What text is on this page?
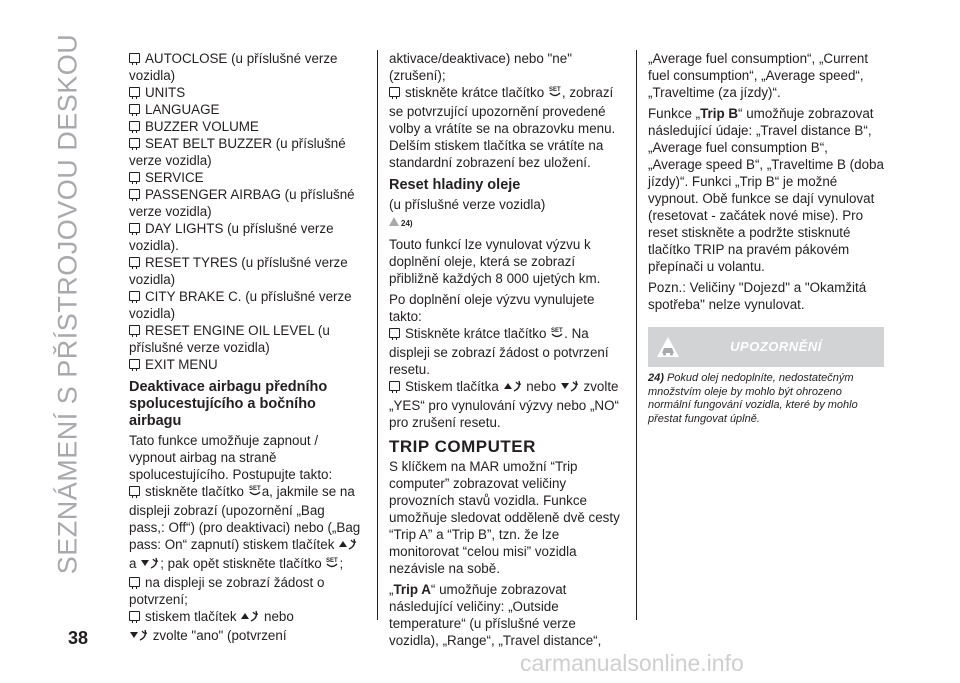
SEZNÁMENÍ S PŘÍSTROJOVOU DESKOU
38
carmanualsonline.info

AUTOCLOSE (u příslušné verze vozidla)

UNITS

LANGUAGE

BUZZER VOLUME

SEAT BELT BUZZER (u příslušné verze vozidla)

SERVICE

PASSENGER AIRBAG (u příslušné verze vozidla)

DAY LIGHTS (u příslušné verze vozidla).

RESET TYRES (u příslušné verze vozidla)

CITY BRAKE C. (u příslušné verze vozidla)

RESET ENGINE OIL LEVEL (u příslušné verze vozidla)

EXIT MENU

Deaktivace airbagu předního spolucestujícího a bočního airbagu

Tato funkce umožňuje zapnout / vypnout airbag na straně spolucestujícího. Postupujte takto:

stiskněte tlačítko SET a, jakmile se na displeji zobrazí (upozornění „Bag pass,: Off“) (pro deaktivaci) nebo („Bag pass: On“ zapnutí) stiskem tlačítek  a ; pak opět stiskněte tlačítko SET ;

na displeji se zobrazí žádost o potvrzení;

stiskem tlačítek nebo
zvolte "ano" (potvrzení

aktivace/deaktivace) nebo "ne" (zrušení);

stiskněte krátce tlačítko SET , zobrazí se potvrzující upozornění provedené volby a vrátíte se na obrazovku menu. Delším stiskem tlačítka se vrátíte na standardní zobrazení bez uložení.

Reset hladiny oleje

(u příslušné verze vozidla)

24)

Touto funkcí lze vynulovat výzvu k doplnění oleje, která se zobrazí přibližně každých 8 000 ujetých km.

Po doplnění oleje výzvu vynulujete takto:

Stiskněte krátce tlačítko SET . Na displeji se zobrazí žádost o potvrzení resetu.

Stiskem tlačítka nebo zvolte „YES“ pro vynulování výzvy nebo „NO“ pro zrušení resetu.

TRIP COMPUTER

S klíčkem na MAR umožní “Trip computer” zobrazovat veličiny provozních stavů vozidla. Funkce umožňuje sledovat odděleně dvě cesty “Trip A” a “Trip B”, tzn. že lze monitorovat “celou misi” vozidla nezávisle na sobě.

„Trip A“ umožňuje zobrazovat následující veličiny: „Outside temperature“ (u příslušné verze vozidla), „Range“, „Travel distance“,

„Average fuel consumption“, „Current fuel consumption“, „Average speed“, „Traveltime (za jízdy)“.

Funkce „Trip B“ umožňuje zobrazovat následující údaje: „Travel distance B“, „Average fuel consumption B“, „Average speed B“, „Traveltime B (doba jízdy)“. Funkci „Trip B“ je možné vypnout. Obě funkce se dají vynulovat (resetovat - začátek nové mise). Pro reset stiskněte a podržte stisknuté tlačítko TRIP na pravém pákovém přepínači u volantu.

Pozn.: Veličiny "Dojezd" a "Okamžitá spotřeba" nelze vynulovat.

UPOZORNĚNÍ
24) Pokud olej nedoplníte, nedostatečným množstvím oleje by mohlo být ohrozeno normální fungování vozidla, které by mohlo přestat fungovat úplně.
